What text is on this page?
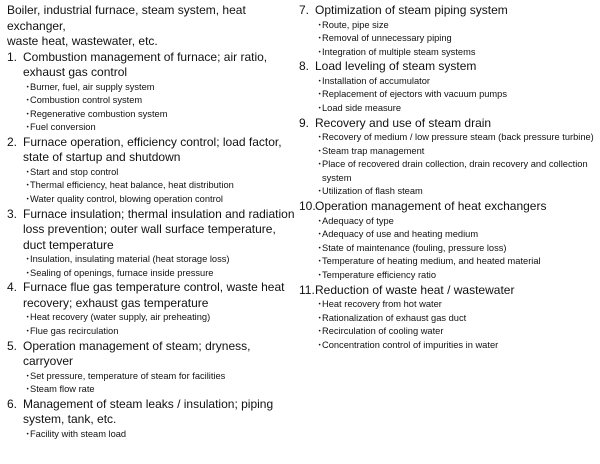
Boiler, industrial furnace, steam system, heat exchanger,
waste heat, wastewater, etc.
1. Combustion management of furnace; air ratio, exhaust gas control
・
Burner, fuel, air supply system
・
Combustion control system
・
Regenerative combustion system
・
Fuel conversion
2. Furnace operation, efficiency control; load factor, state of startup and shutdown
・
Start and stop control
・
Thermal efficiency, heat balance, heat distribution
・
Water quality control, blowing operation control
3. Furnace insulation; thermal insulation and radiation loss prevention; outer wall surface temperature, duct temperature
・
Insulation, insulating material (heat storage loss)
・
Sealing of openings, furnace inside pressure
4. Furnace flue gas temperature control, waste heat recovery; exhaust gas temperature
・
Heat recovery (water supply, air preheating)
・
Flue gas recirculation
5. Operation management of steam; dryness, carryover
・
Set pressure, temperature of steam for facilities
・
Steam flow rate
6. Management of steam leaks / insulation; piping system, tank, etc.
・
Facility with steam load
7. Optimization of steam piping system
・
Route, pipe size
・
Removal of unnecessary piping
・
Integration of multiple steam systems
8. Load leveling of steam system
・
Installation of accumulator
・
Replacement of ejectors with vacuum pumps
・
Load side measure
9. Recovery and use of steam drain
・
Recovery of medium / low pressure steam (back pressure turbine)
・
Steam trap management
・
Place of recovered drain collection, drain recovery and collection system
・
Utilization of flash steam
10. Operation management of heat exchangers
・
Adequacy of type
・
Adequacy of use and heating medium
・
State of maintenance (fouling, pressure loss)
・
Temperature of heating medium, and heated material
・
Temperature efficiency ratio
11. Reduction of waste heat / wastewater
・
Heat recovery from hot water
・
Rationalization of exhaust gas duct
・
Recirculation of cooling water
・
Concentration control of impurities in water
